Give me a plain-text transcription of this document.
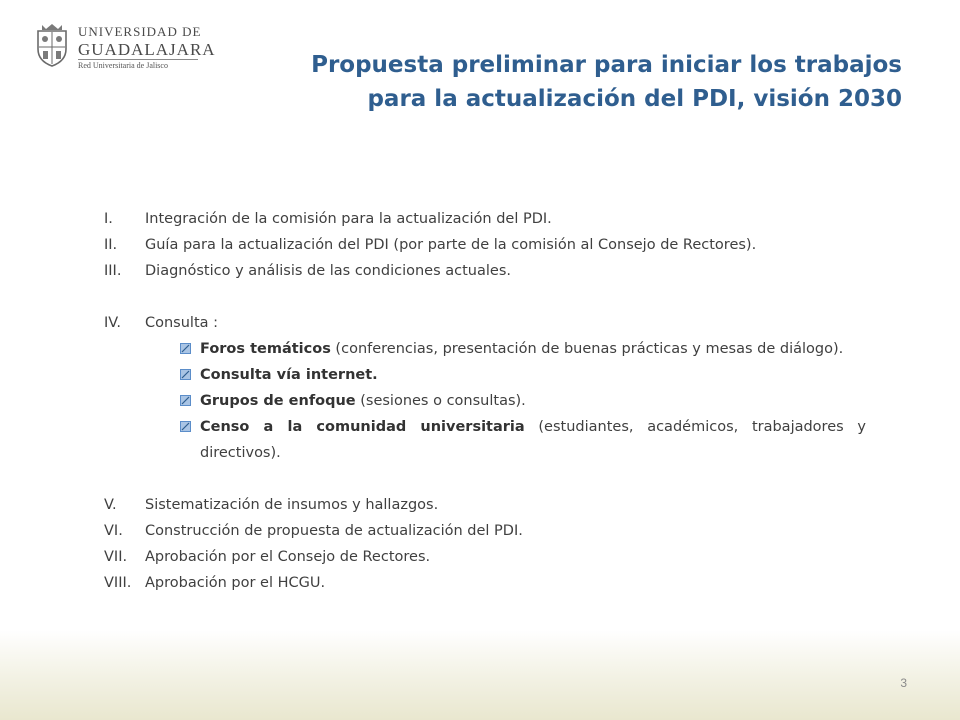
UNIVERSIDAD DE
GUADALAJARA
Red Universitaria de Jalisco	Propuesta preliminar para iniciar los trabajos
para la actualización del PDI, visión 2030
I.	Integración de la comisión para la actualización del PDI.
II.	Guía para la actualización del PDI (por parte de la comisión al Consejo de Rectores).
III.	Diagnóstico y análisis de las condiciones actuales.
IV.	Consulta :
Foros temáticos (conferencias, presentación de buenas prácticas y mesas de diálogo).
Consulta vía internet.
Grupos de enfoque (sesiones o consultas).
Censo a la comunidad universitaria (estudiantes, académicos, trabajadores y directivos).
V.	Sistematización de insumos y hallazgos.
VI.	Construcción de propuesta de actualización del PDI.
VII.	Aprobación por el Consejo de Rectores.
VIII. Aprobación por el HCGU.
3
